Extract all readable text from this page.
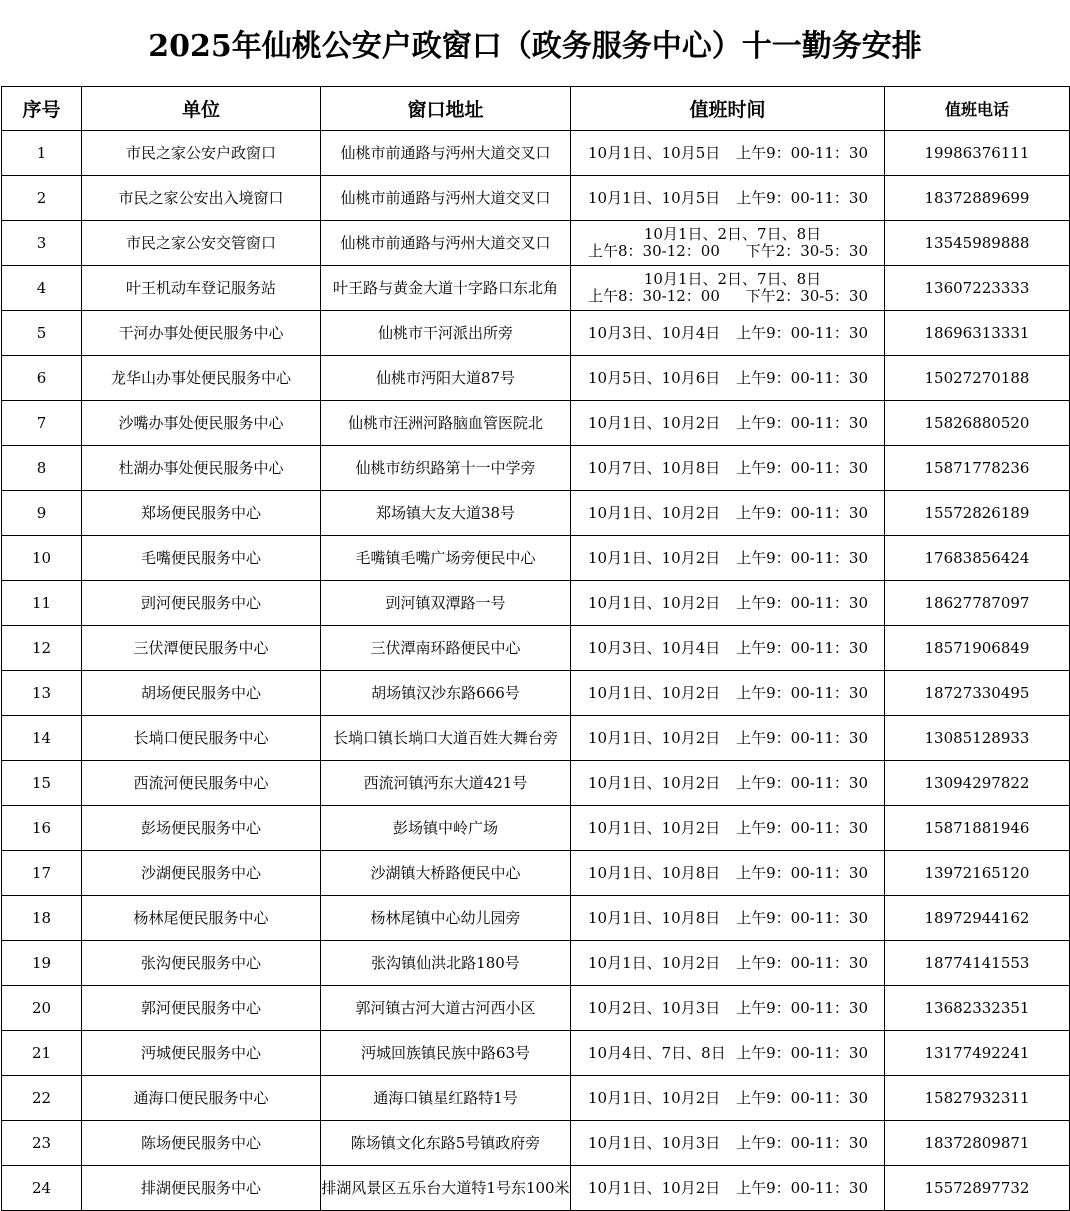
2025年仙桃公安户政窗口（政务服务中心）十一勤务安排
序号	单位	窗口地址	值班时间	值班电话
1	市民之家公安户政窗口	仙桃市前通路与沔州大道交叉口	10月1日、10月5日 上午9：00-11：30	19986376111
2	市民之家公安出入境窗口	仙桃市前通路与沔州大道交叉口	10月1日、10月5日 上午9：00-11：30	18372889699
3	市民之家公安交管窗口	仙桃市前通路与沔州大道交叉口	10月1日、2日、7日、8日
上午8：30-12：00 下午2：30-5：30	13545989888
4	叶王机动车登记服务站	叶王路与黄金大道十字路口东北角	10月1日、2日、7日、8日
上午8：30-12：00 下午2：30-5：30	13607223333
5	干河办事处便民服务中心	仙桃市干河派出所旁	10月3日、10月4日 上午9：00-11：30	18696313331
6	龙华山办事处便民服务中心	仙桃市沔阳大道87号	10月5日、10月6日 上午9：00-11：30	15027270188
7	沙嘴办事处便民服务中心	仙桃市汪洲河路脑血管医院北	10月1日、10月2日 上午9：00-11：30	15826880520
8	杜湖办事处便民服务中心	仙桃市纺织路第十一中学旁	10月7日、10月8日 上午9：00-11：30	15871778236
9	郑场便民服务中心	郑场镇大友大道38号	10月1日、10月2日 上午9：00-11：30	15572826189
10	毛嘴便民服务中心	毛嘴镇毛嘴广场旁便民中心	10月1日、10月2日 上午9：00-11：30	17683856424
11	剅河便民服务中心	剅河镇双潭路一号	10月1日、10月2日 上午9：00-11：30	18627787097
12	三伏潭便民服务中心	三伏潭南环路便民中心	10月3日、10月4日 上午9：00-11：30	18571906849
13	胡场便民服务中心	胡场镇汉沙东路666号	10月1日、10月2日 上午9：00-11：30	18727330495
14	长埫口便民服务中心	长埫口镇长埫口大道百姓大舞台旁	10月1日、10月2日 上午9：00-11：30	13085128933
15	西流河便民服务中心	西流河镇沔东大道421号	10月1日、10月2日 上午9：00-11：30	13094297822
16	彭场便民服务中心	彭场镇中岭广场	10月1日、10月2日 上午9：00-11：30	15871881946
17	沙湖便民服务中心	沙湖镇大桥路便民中心	10月1日、10月8日 上午9：00-11：30	13972165120
18	杨林尾便民服务中心	杨林尾镇中心幼儿园旁	10月1日、10月8日 上午9：00-11：30	18972944162
19	张沟便民服务中心	张沟镇仙洪北路180号	10月1日、10月2日 上午9：00-11：30	18774141553
20	郭河便民服务中心	郭河镇古河大道古河西小区	10月2日、10月3日 上午9：00-11：30	13682332351
21	沔城便民服务中心	沔城回族镇民族中路63号	10月4日、7日、8日 上午9：00-11：30	13177492241
22	通海口便民服务中心	通海口镇星红路特1号	10月1日、10月2日 上午9：00-11：30	15827932311
23	陈场便民服务中心	陈场镇文化东路5号镇政府旁	10月1日、10月3日 上午9：00-11：30	18372809871
24	排湖便民服务中心	排湖风景区五乐台大道特1号东100米	10月1日、10月2日 上午9：00-11：30	15572897732
